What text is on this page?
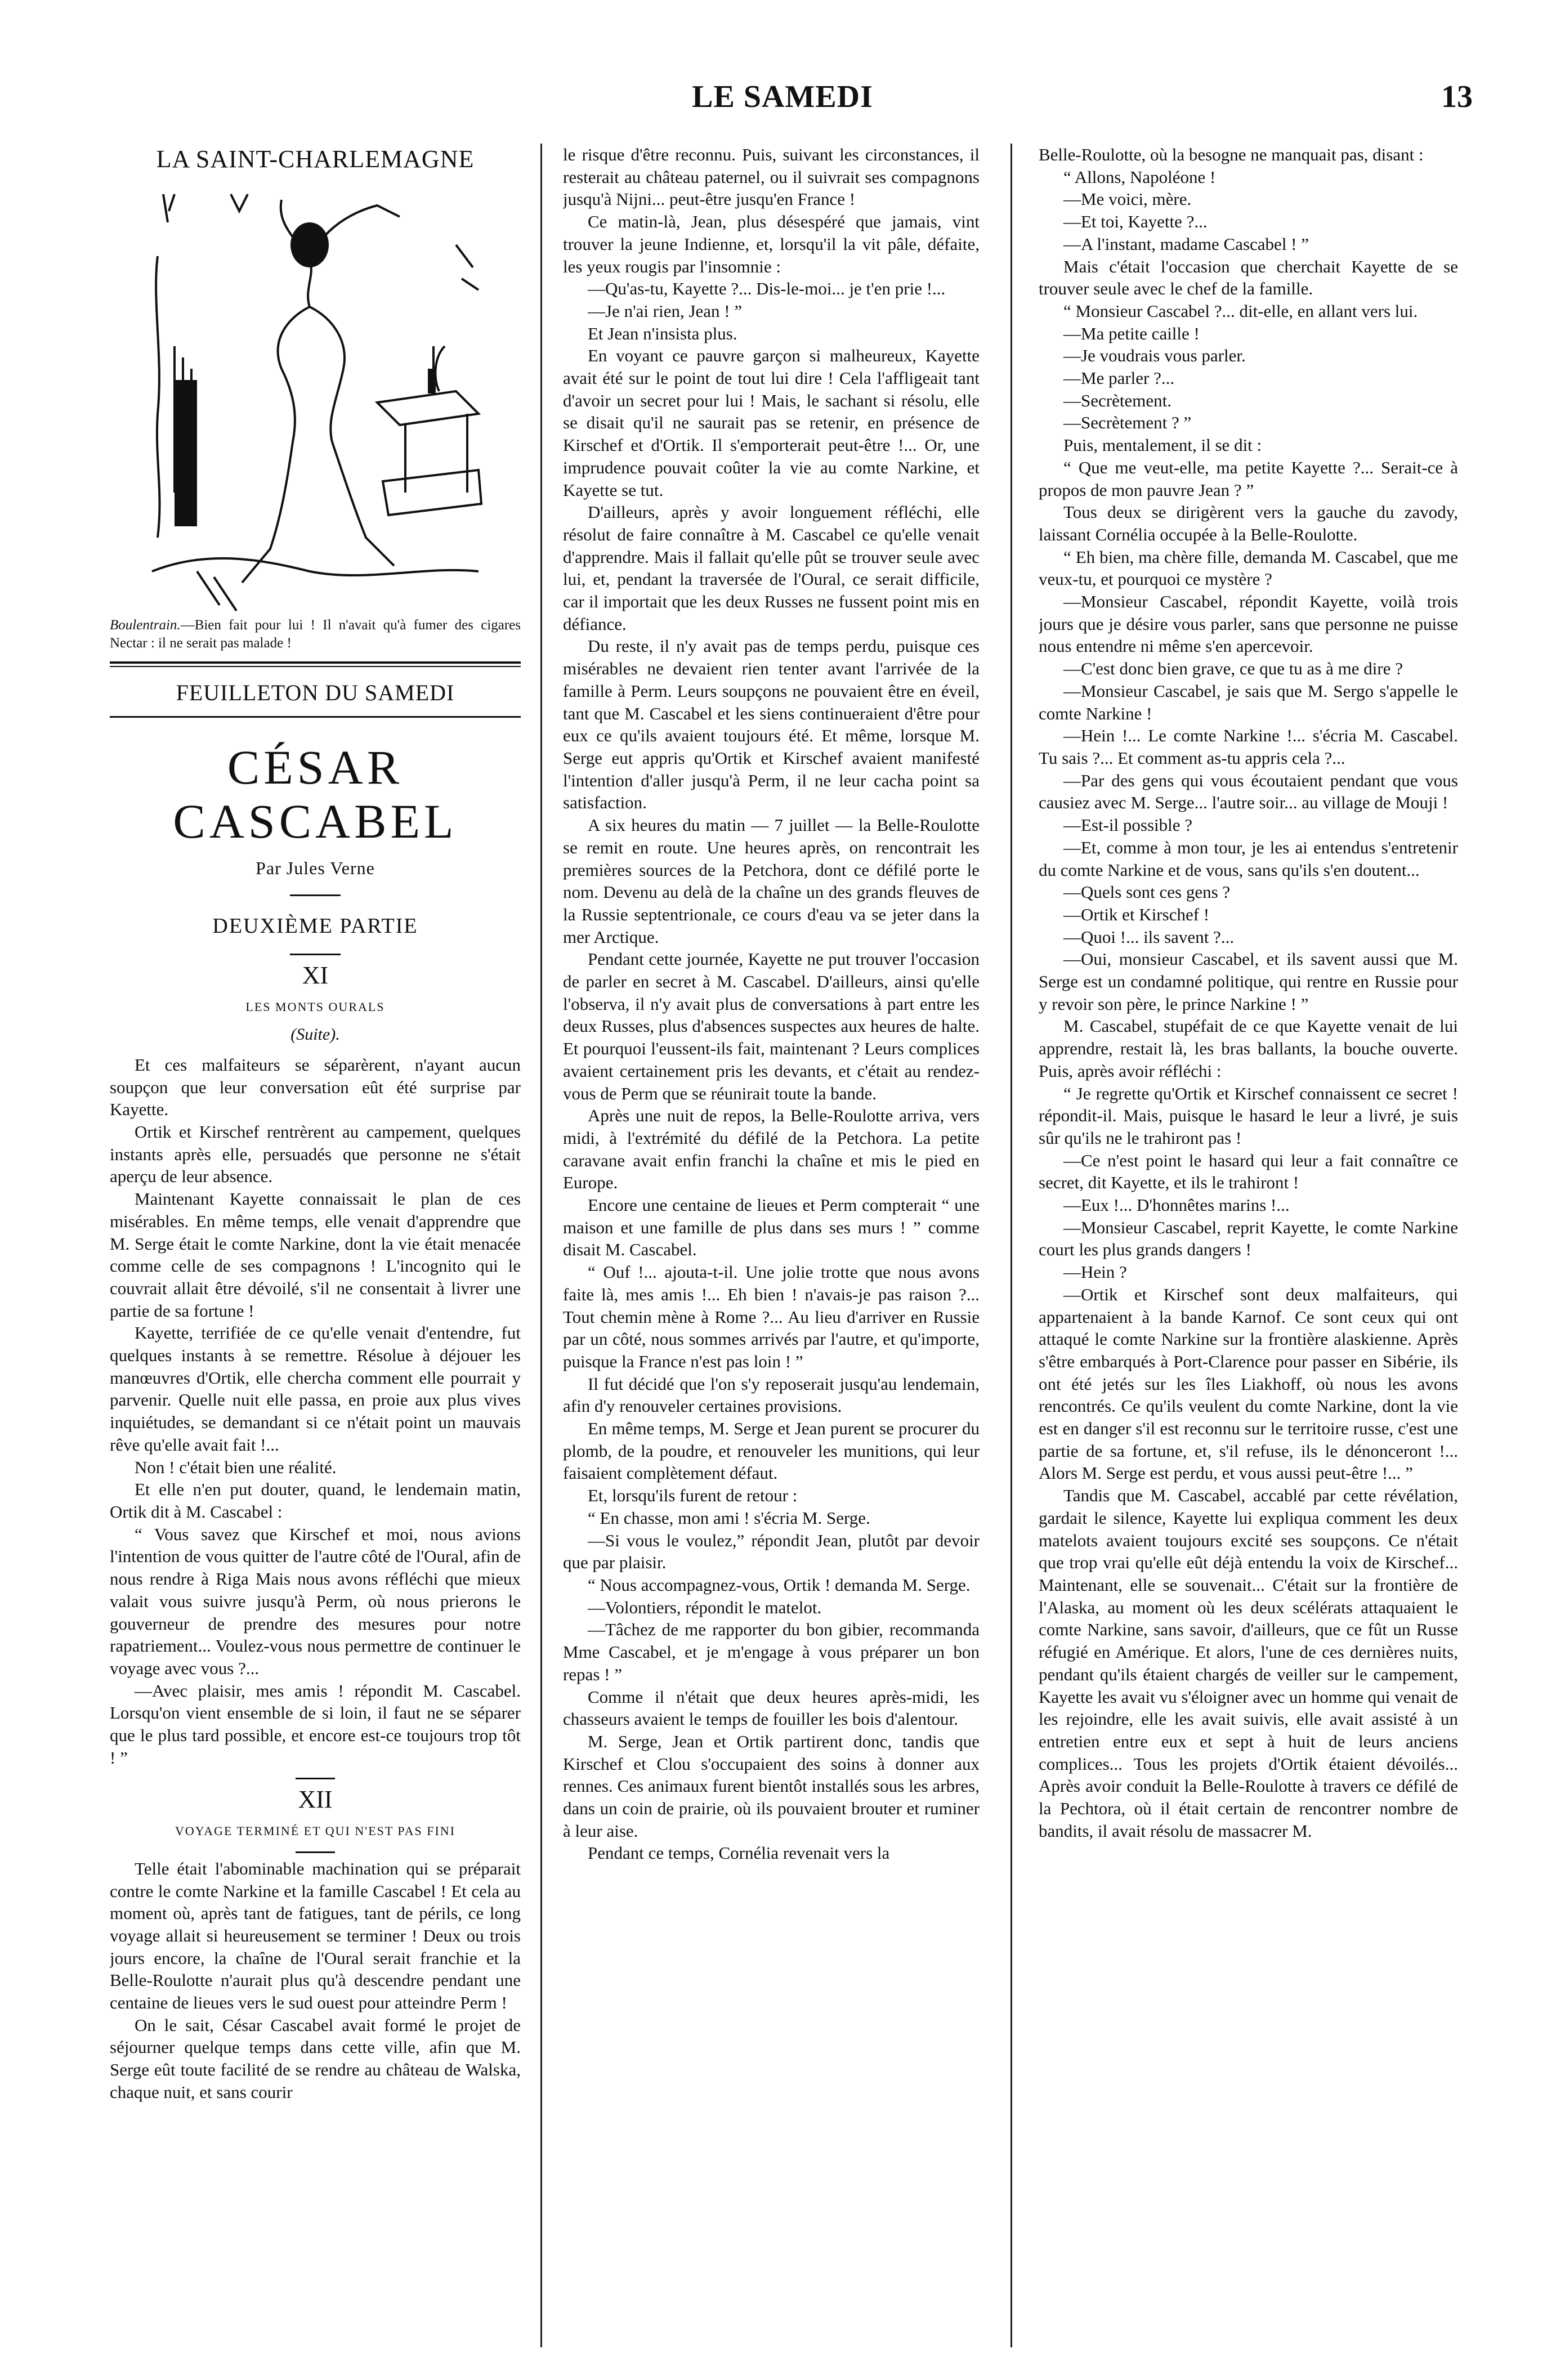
LE SAMEDI	13
LA SAINT-CHARLEMAGNE

Boulentrain.—Bien fait pour lui ! Il n'avait qu'à fumer des cigares Nectar : il ne serait pas malade !

FEUILLETON DU SAMEDI
CÉSAR CASCABEL
Par Jules Verne
DEUXIÈME PARTIE
XI
LES MONTS OURALS
(Suite).

Et ces malfaiteurs se séparèrent, n'ayant aucun soupçon que leur conversation eût été surprise par Kayette.

Ortik et Kirschef rentrèrent au campement, quelques instants après elle, persuadés que personne ne s'était aperçu de leur absence.

Maintenant Kayette connaissait le plan de ces misérables. En même temps, elle venait d'apprendre que M. Serge était le comte Narkine, dont la vie était menacée comme celle de ses compagnons ! L'incognito qui le couvrait allait être dévoilé, s'il ne consentait à livrer une partie de sa fortune !

Kayette, terrifiée de ce qu'elle venait d'entendre, fut quelques instants à se remettre. Résolue à déjouer les manœuvres d'Ortik, elle chercha comment elle pourrait y parvenir. Quelle nuit elle passa, en proie aux plus vives inquiétudes, se demandant si ce n'était point un mauvais rêve qu'elle avait fait !...

Non ! c'était bien une réalité.

Et elle n'en put douter, quand, le lendemain matin, Ortik dit à M. Cascabel :

“ Vous savez que Kirschef et moi, nous avions l'intention de vous quitter de l'autre côté de l'Oural, afin de nous rendre à Riga Mais nous avons réfléchi que mieux valait vous suivre jusqu'à Perm, où nous prierons le gouverneur de prendre des mesures pour notre rapatriement... Voulez-vous nous permettre de continuer le voyage avec vous ?...

—Avec plaisir, mes amis ! répondit M. Cascabel. Lorsqu'on vient ensemble de si loin, il faut ne se séparer que le plus tard possible, et encore est-ce toujours trop tôt ! ”

XII
VOYAGE TERMINÉ ET QUI N'EST PAS FINI

Telle était l'abominable machination qui se préparait contre le comte Narkine et la famille Cascabel ! Et cela au moment où, après tant de fatigues, tant de périls, ce long voyage allait si heureusement se terminer ! Deux ou trois jours encore, la chaîne de l'Oural serait franchie et la Belle-Roulotte n'aurait plus qu'à descendre pendant une centaine de lieues vers le sud ouest pour atteindre Perm !

On le sait, César Cascabel avait formé le projet de séjourner quelque temps dans cette ville, afin que M. Serge eût toute facilité de se rendre au château de Walska, chaque nuit, et sans courir

le risque d'être reconnu. Puis, suivant les circonstances, il resterait au château paternel, ou il suivrait ses compagnons jusqu'à Nijni... peut-être jusqu'en France !

Ce matin-là, Jean, plus désespéré que jamais, vint trouver la jeune Indienne, et, lorsqu'il la vit pâle, défaite, les yeux rougis par l'insomnie :

—Qu'as-tu, Kayette ?... Dis-le-moi... je t'en prie !...

—Je n'ai rien, Jean ! ”

Et Jean n'insista plus.

En voyant ce pauvre garçon si malheureux, Kayette avait été sur le point de tout lui dire ! Cela l'affligeait tant d'avoir un secret pour lui ! Mais, le sachant si résolu, elle se disait qu'il ne saurait pas se retenir, en présence de Kirschef et d'Ortik. Il s'emporterait peut-être !... Or, une imprudence pouvait coûter la vie au comte Narkine, et Kayette se tut.

D'ailleurs, après y avoir longuement réfléchi, elle résolut de faire connaître à M. Cascabel ce qu'elle venait d'apprendre. Mais il fallait qu'elle pût se trouver seule avec lui, et, pendant la traversée de l'Oural, ce serait difficile, car il importait que les deux Russes ne fussent point mis en défiance.

Du reste, il n'y avait pas de temps perdu, puisque ces misérables ne devaient rien tenter avant l'arrivée de la famille à Perm. Leurs soupçons ne pouvaient être en éveil, tant que M. Cascabel et les siens continueraient d'être pour eux ce qu'ils avaient toujours été. Et même, lorsque M. Serge eut appris qu'Ortik et Kirschef avaient manifesté l'intention d'aller jusqu'à Perm, il ne leur cacha point sa satisfaction.

A six heures du matin — 7 juillet — la Belle-Roulotte se remit en route. Une heures après, on rencontrait les premières sources de la Petchora, dont ce défilé porte le nom. Devenu au delà de la chaîne un des grands fleuves de la Russie septentrionale, ce cours d'eau va se jeter dans la mer Arctique.

Pendant cette journée, Kayette ne put trouver l'occasion de parler en secret à M. Cascabel. D'ailleurs, ainsi qu'elle l'observa, il n'y avait plus de conversations à part entre les deux Russes, plus d'absences suspectes aux heures de halte. Et pourquoi l'eussent-ils fait, maintenant ? Leurs complices avaient certainement pris les devants, et c'était au rendez-vous de Perm que se réunirait toute la bande.

Après une nuit de repos, la Belle-Roulotte arriva, vers midi, à l'extrémité du défilé de la Petchora. La petite caravane avait enfin franchi la chaîne et mis le pied en Europe.

Encore une centaine de lieues et Perm compterait “ une maison et une famille de plus dans ses murs ! ” comme disait M. Cascabel.

“ Ouf !... ajouta-t-il. Une jolie trotte que nous avons faite là, mes amis !... Eh bien ! n'avais-je pas raison ?... Tout chemin mène à Rome ?... Au lieu d'arriver en Russie par un côté, nous sommes arrivés par l'autre, et qu'importe, puisque la France n'est pas loin ! ”

Il fut décidé que l'on s'y reposerait jusqu'au lendemain, afin d'y renouveler certaines provisions.

En même temps, M. Serge et Jean purent se procurer du plomb, de la poudre, et renouveler les munitions, qui leur faisaient complètement défaut.

Et, lorsqu'ils furent de retour :

“ En chasse, mon ami ! s'écria M. Serge.

—Si vous le voulez,” répondit Jean, plutôt par devoir que par plaisir.

“ Nous accompagnez-vous, Ortik ! demanda M. Serge.

—Volontiers, répondit le matelot.

—Tâchez de me rapporter du bon gibier, recommanda Mme Cascabel, et je m'engage à vous préparer un bon repas ! ”

Comme il n'était que deux heures après-midi, les chasseurs avaient le temps de fouiller les bois d'alentour.

M. Serge, Jean et Ortik partirent donc, tandis que Kirschef et Clou s'occupaient des soins à donner aux rennes. Ces animaux furent bientôt installés sous les arbres, dans un coin de prairie, où ils pouvaient brouter et ruminer à leur aise.

Pendant ce temps, Cornélia revenait vers la

Belle-Roulotte, où la besogne ne manquait pas, disant :

“ Allons, Napoléone !

—Me voici, mère.

—Et toi, Kayette ?...

—A l'instant, madame Cascabel ! ”

Mais c'était l'occasion que cherchait Kayette de se trouver seule avec le chef de la famille.

“ Monsieur Cascabel ?... dit-elle, en allant vers lui.

—Ma petite caille !

—Je voudrais vous parler.

—Me parler ?...

—Secrètement.

—Secrètement ? ”

Puis, mentalement, il se dit :

“ Que me veut-elle, ma petite Kayette ?... Serait-ce à propos de mon pauvre Jean ? ”

Tous deux se dirigèrent vers la gauche du zavody, laissant Cornélia occupée à la Belle-Roulotte.

“ Eh bien, ma chère fille, demanda M. Cascabel, que me veux-tu, et pourquoi ce mystère ?

—Monsieur Cascabel, répondit Kayette, voilà trois jours que je désire vous parler, sans que personne ne puisse nous entendre ni même s'en apercevoir.

—C'est donc bien grave, ce que tu as à me dire ?

—Monsieur Cascabel, je sais que M. Sergo s'appelle le comte Narkine !

—Hein !... Le comte Narkine !... s'écria M. Cascabel. Tu sais ?... Et comment as-tu appris cela ?...

—Par des gens qui vous écoutaient pendant que vous causiez avec M. Serge... l'autre soir... au village de Mouji !

—Est-il possible ?

—Et, comme à mon tour, je les ai entendus s'entretenir du comte Narkine et de vous, sans qu'ils s'en doutent...

—Quels sont ces gens ?

—Ortik et Kirschef !

—Quoi !... ils savent ?...

—Oui, monsieur Cascabel, et ils savent aussi que M. Serge est un condamné politique, qui rentre en Russie pour y revoir son père, le prince Narkine ! ”

M. Cascabel, stupéfait de ce que Kayette venait de lui apprendre, restait là, les bras ballants, la bouche ouverte. Puis, après avoir réfléchi :

“ Je regrette qu'Ortik et Kirschef connaissent ce secret ! répondit-il. Mais, puisque le hasard le leur a livré, je suis sûr qu'ils ne le trahiront pas !

—Ce n'est point le hasard qui leur a fait connaître ce secret, dit Kayette, et ils le trahiront !

—Eux !... D'honnêtes marins !...

—Monsieur Cascabel, reprit Kayette, le comte Narkine court les plus grands dangers !

—Hein ?

—Ortik et Kirschef sont deux malfaiteurs, qui appartenaient à la bande Karnof. Ce sont ceux qui ont attaqué le comte Narkine sur la frontière alaskienne. Après s'être embarqués à Port-Clarence pour passer en Sibérie, ils ont été jetés sur les îles Liakhoff, où nous les avons rencontrés. Ce qu'ils veulent du comte Narkine, dont la vie est en danger s'il est reconnu sur le territoire russe, c'est une partie de sa fortune, et, s'il refuse, ils le dénonceront !... Alors M. Serge est perdu, et vous aussi peut-être !... ”

Tandis que M. Cascabel, accablé par cette révélation, gardait le silence, Kayette lui expliqua comment les deux matelots avaient toujours excité ses soupçons. Ce n'était que trop vrai qu'elle eût déjà entendu la voix de Kirschef... Maintenant, elle se souvenait... C'était sur la frontière de l'Alaska, au moment où les deux scélérats attaquaient le comte Narkine, sans savoir, d'ailleurs, que ce fût un Russe réfugié en Amérique. Et alors, l'une de ces dernières nuits, pendant qu'ils étaient chargés de veiller sur le campement, Kayette les avait vu s'éloigner avec un homme qui venait de les rejoindre, elle les avait suivis, elle avait assisté à un entretien entre eux et sept à huit de leurs anciens complices... Tous les projets d'Ortik étaient dévoilés... Après avoir conduit la Belle-Roulotte à travers ce défilé de la Pechtora, où il était certain de rencontrer nombre de bandits, il avait résolu de massacrer M.
